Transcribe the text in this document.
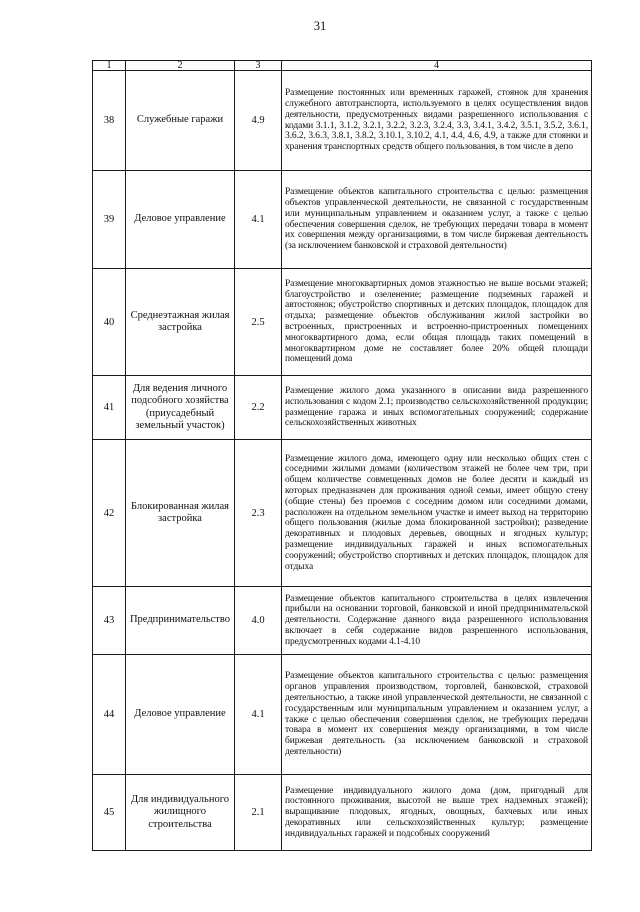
31
1	2	3	4
38	Служебные гаражи	4.9	Размещение постоянных или временных гаражей, стоянок для хранения служебного автотранспорта, используемого в целях осуществления видов деятельности, предусмотренных видами разрешенного использования с кодами 3.1.1, 3.1.2, 3.2.1, 3.2.2, 3.2.3, 3.2.4, 3.3, 3.4.1, 3.4.2, 3.5.1, 3.5.2, 3.6.1, 3.6.2, 3.6.3, 3.8.1, 3.8.2, 3.10.1, 3.10.2, 4.1, 4.4, 4.6, 4.9, а также для стоянки и хранения транспортных средств общего пользования, в том числе в депо
39	Деловое управление	4.1	Размещение объектов капитального строительства с целью: размещения объектов управленческой деятельности, не связанной с государственным или муниципальным управлением и оказанием услуг, а также с целью обеспечения совершения сделок, не требующих передачи товара в момент их совершения между организациями, в том числе биржевая деятельность (за исключением банковской и страховой деятельности)
40	Среднеэтажная жилая застройка	2.5	Размещение многоквартирных домов этажностью не выше восьми этажей; благоустройство и озеленение; размещение подземных гаражей и автостоянок; обустройство спортивных и детских площадок, площадок для отдыха; размещение объектов обслуживания жилой застройки во встроенных, пристроенных и встроенно-пристроенных помещениях многоквартирного дома, если общая площадь таких помещений в многоквартирном доме не составляет более 20% общей площади помещений дома
41	Для ведения личного подсобного хозяйства (приусадебный земельный участок)	2.2	Размещение жилого дома указанного в описании вида разрешенного использования с кодом 2.1; производство сельскохозяйственной продукции; размещение гаража и иных вспомогательных сооружений; содержание сельскохозяйственных животных
42	Блокированная жилая застройка	2.3	Размещение жилого дома, имеющего одну или несколько общих стен с соседними жилыми домами (количеством этажей не более чем три, при общем количестве совмещенных домов не более десяти и каждый из которых предназначен для проживания одной семьи, имеет общую стену (общие стены) без проемов с соседним домом или соседними домами, расположен на отдельном земельном участке и имеет выход на территорию общего пользования (жилые дома блокированной застройки); разведение декоративных и плодовых деревьев, овощных и ягодных культур; размещение индивидуальных гаражей и иных вспомогательных сооружений; обустройство спортивных и детских площадок, площадок для отдыха
43	Предпринимательство	4.0	Размещение объектов капитального строительства в целях извлечения прибыли на основании торговой, банковской и иной предпринимательской деятельности. Содержание данного вида разрешенного использования включает в себя содержание видов разрешенного использования, предусмотренных кодами 4.1-4.10
44	Деловое управление	4.1	Размещение объектов капитального строительства с целью: размещения органов управления производством, торговлей, банковской, страховой деятельностью, а также иной управленческой деятельности, не связанной с государственным или муниципальным управлением и оказанием услуг, а также с целью обеспечения совершения сделок, не требующих передачи товара в момент их совершения между организациями, в том числе биржевая деятельность (за исключением банковской и страховой деятельности)
45	Для индивидуального жилищного строительства	2.1	Размещение индивидуального жилого дома (дом, пригодный для постоянного проживания, высотой не выше трех надземных этажей); выращивание плодовых, ягодных, овощных, бахчевых или иных декоративных или сельскохозяйственных культур; размещение индивидуальных гаражей и подсобных сооружений
